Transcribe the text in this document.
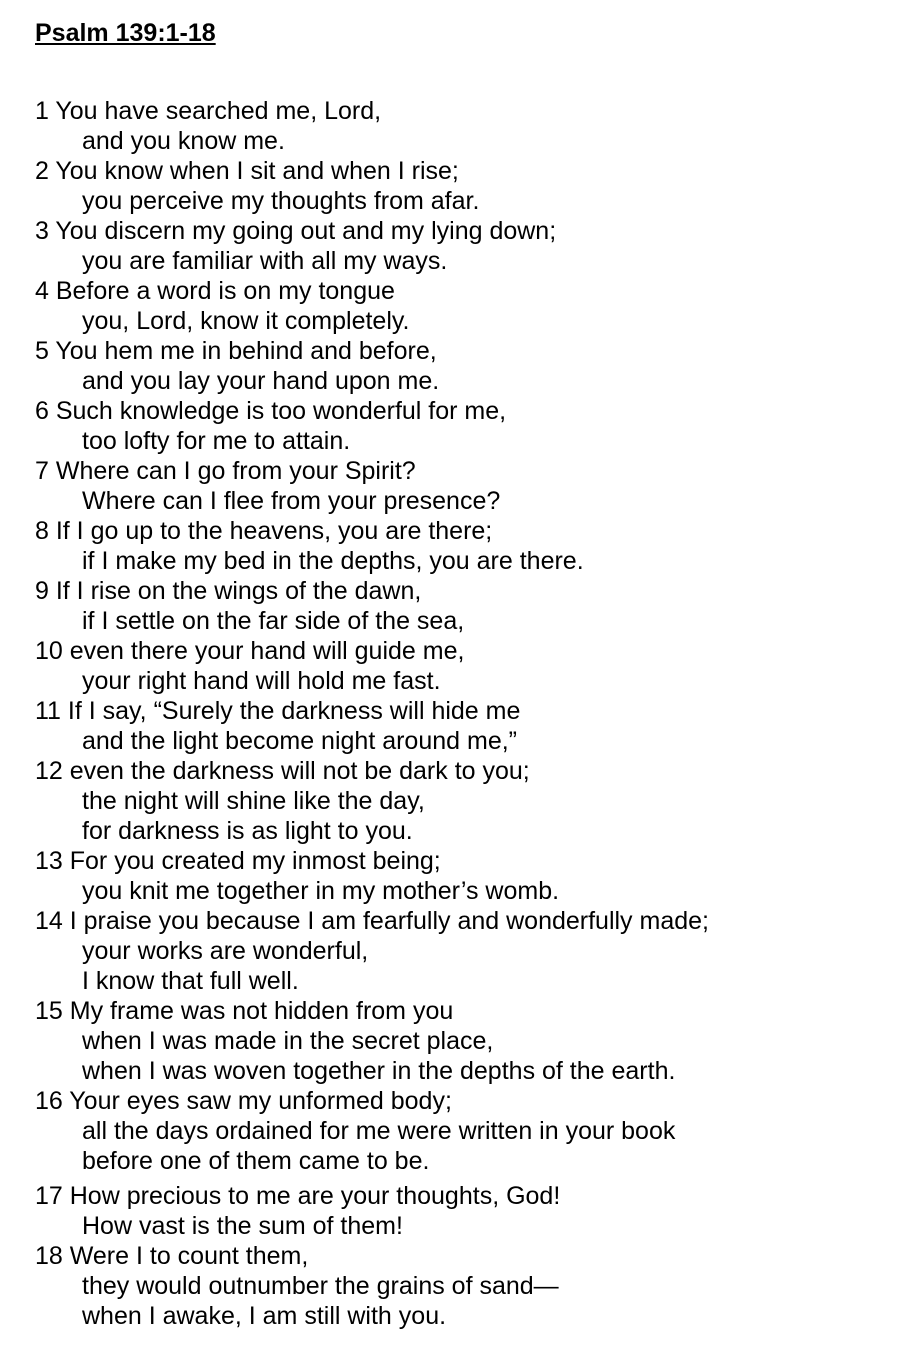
Psalm 139:1-18
1 You have searched me, Lord,
and you know me.
2 You know when I sit and when I rise;
you perceive my thoughts from afar.
3 You discern my going out and my lying down;
you are familiar with all my ways.
4 Before a word is on my tongue
you, Lord, know it completely.
5 You hem me in behind and before,
and you lay your hand upon me.
6 Such knowledge is too wonderful for me,
too lofty for me to attain.
7 Where can I go from your Spirit?
Where can I flee from your presence?
8 If I go up to the heavens, you are there;
if I make my bed in the depths, you are there.
9 If I rise on the wings of the dawn,
if I settle on the far side of the sea,
10 even there your hand will guide me,
your right hand will hold me fast.
11 If I say, “Surely the darkness will hide me
and the light become night around me,”
12 even the darkness will not be dark to you;
the night will shine like the day,
for darkness is as light to you.
13 For you created my inmost being;
you knit me together in my mother’s womb.
14 I praise you because I am fearfully and wonderfully made;
your works are wonderful,
I know that full well.
15 My frame was not hidden from you
when I was made in the secret place,
when I was woven together in the depths of the earth.
16 Your eyes saw my unformed body;
all the days ordained for me were written in your book
before one of them came to be.
17 How precious to me are your thoughts, God!
How vast is the sum of them!
18 Were I to count them,
they would outnumber the grains of sand—
when I awake, I am still with you.
